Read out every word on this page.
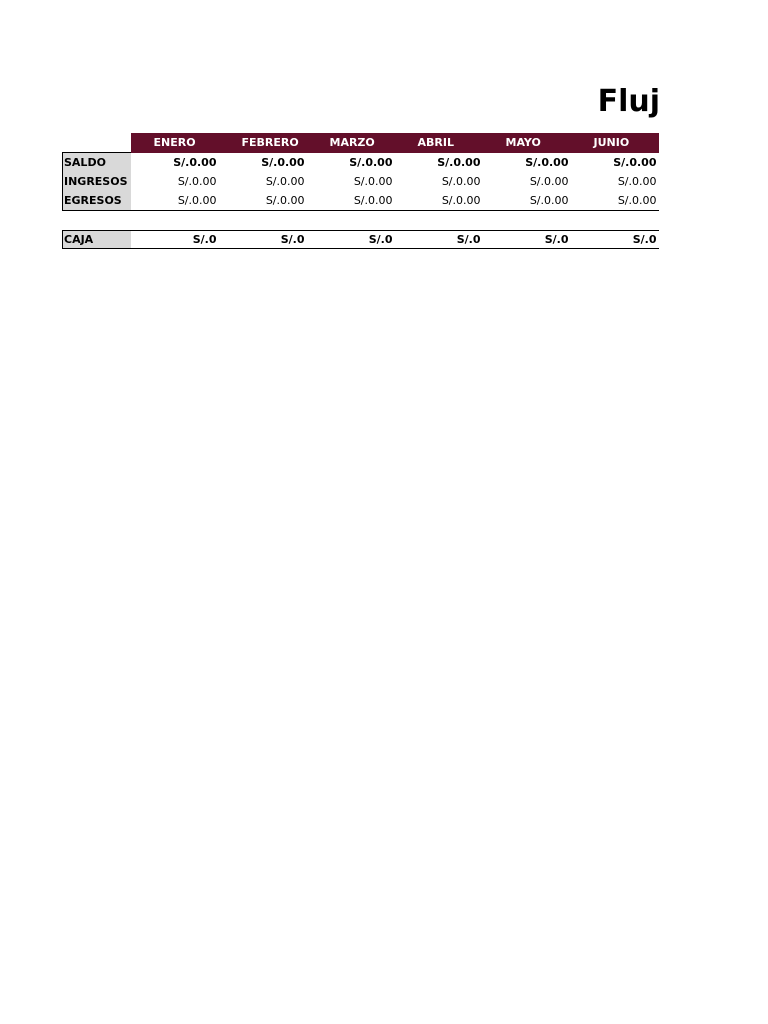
Fluj
	ENERO	FEBRERO	MARZO	ABRIL	MAYO	JUNIO
SALDO	S/.0.00	S/.0.00	S/.0.00	S/.0.00	S/.0.00	S/.0.00
INGRESOS	S/.0.00	S/.0.00	S/.0.00	S/.0.00	S/.0.00	S/.0.00
EGRESOS	S/.0.00	S/.0.00	S/.0.00	S/.0.00	S/.0.00	S/.0.00

CAJA	S/.0	S/.0	S/.0	S/.0	S/.0	S/.0
